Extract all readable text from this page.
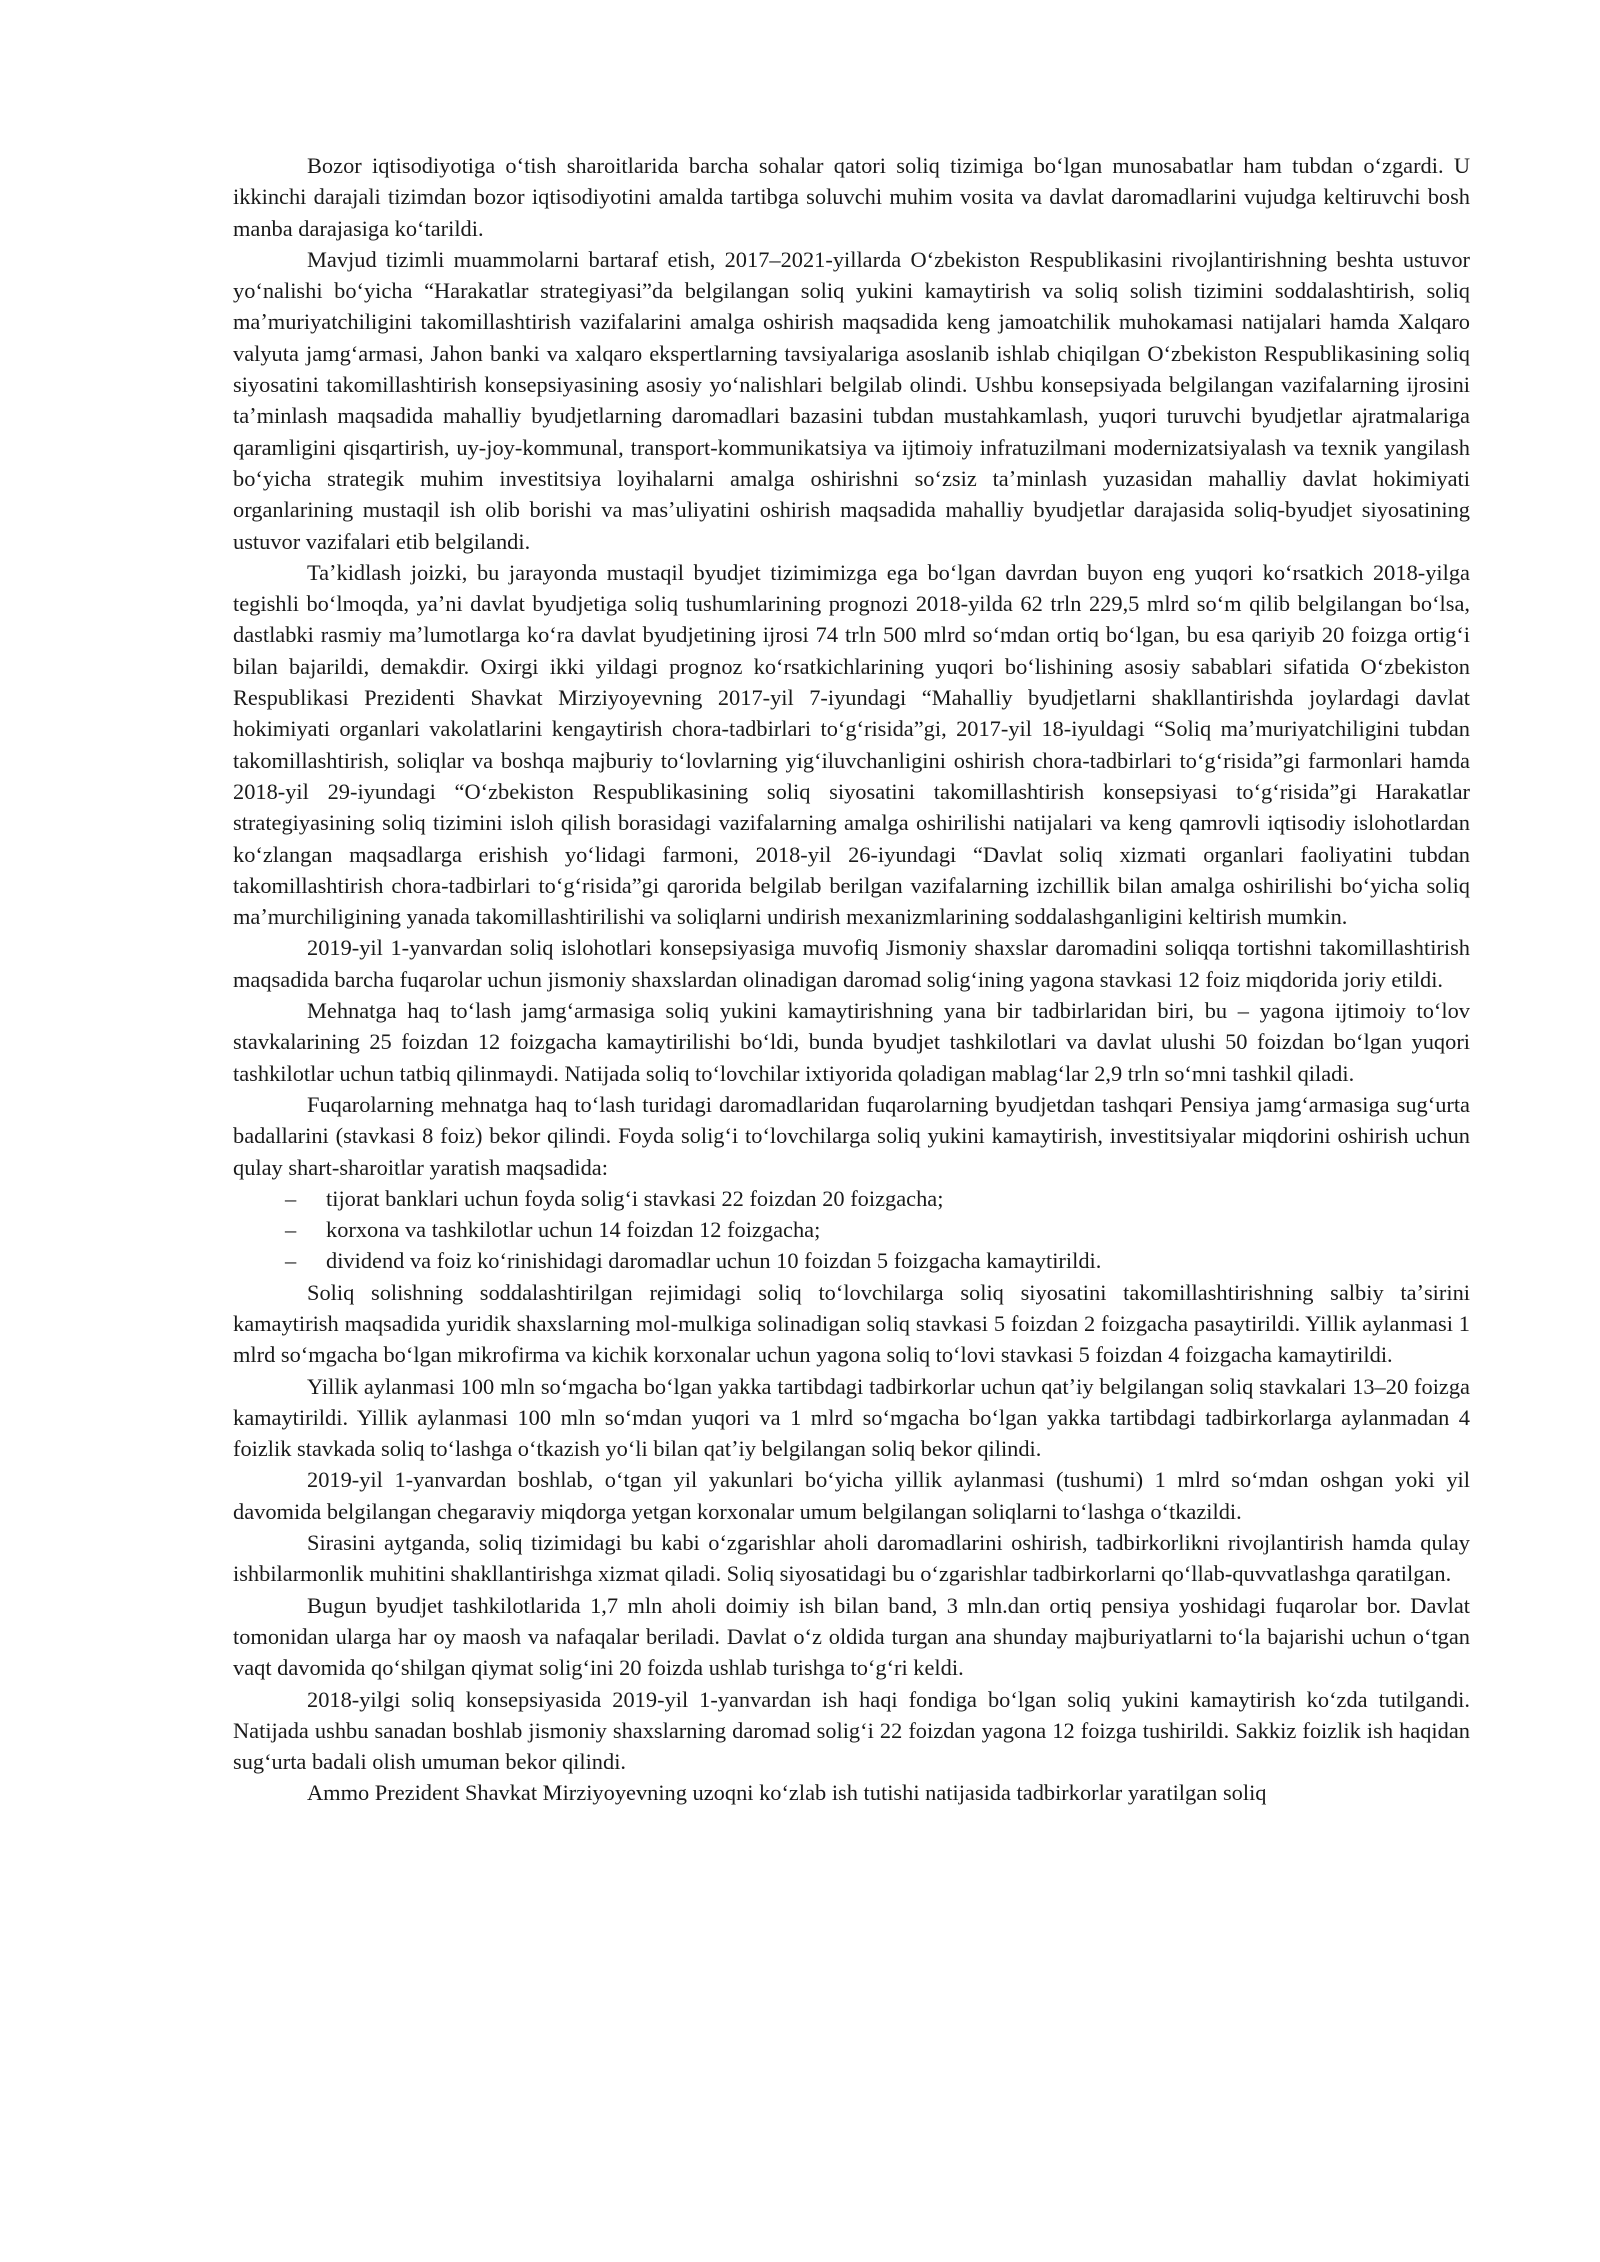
Bozor iqtisodiyotiga oʻtish sharoitlarida barcha sohalar qatori soliq tizimiga boʻlgan munosabatlar ham tubdan oʻzgardi. U ikkinchi darajali tizimdan bozor iqtisodiyotini amalda tartibga soluvchi muhim vosita va davlat daromadlarini vujudga keltiruvchi bosh manba darajasiga koʻtarildi.

Mavjud tizimli muammolarni bartaraf etish, 2017–2021-yillarda Oʻzbekiston Respublikasini rivojlantirishning beshta ustuvor yoʻnalishi boʻyicha “Harakatlar strategiyasi”da belgilangan soliq yukini kamaytirish va soliq solish tizimini soddalashtirish, soliq maʼmuriyatchiligini takomillashtirish vazifalarini amalga oshirish maqsadida keng jamoatchilik muhokamasi natijalari hamda Xalqaro valyuta jamgʻarmasi, Jahon banki va xalqaro ekspertlarning tavsiyalariga asoslanib ishlab chiqilgan Oʻzbekiston Respublikasining soliq siyosatini takomillashtirish konsepsiyasining asosiy yoʻnalishlari belgilab olindi. Ushbu konsepsiyada belgilangan vazifalarning ijrosini taʼminlash maqsadida mahalliy byudjetlarning daromadlari bazasini tubdan mustahkamlash, yuqori turuvchi byudjetlar ajratmalariga qaramligini qisqartirish, uy-joy-kommunal, transport-kommunikatsiya va ijtimoiy infratuzilmani modernizatsiyalash va texnik yangilash boʻyicha strategik muhim investitsiya loyihalarni amalga oshirishni soʻzsiz taʼminlash yuzasidan mahalliy davlat hokimiyati organlarining mustaqil ish olib borishi va masʼuliyatini oshirish maqsadida mahalliy byudjetlar darajasida soliq-byudjet siyosatining ustuvor vazifalari etib belgilandi.

Taʼkidlash joizki, bu jarayonda mustaqil byudjet tizimimizga ega boʻlgan davrdan buyon eng yuqori koʻrsatkich 2018-yilga tegishli boʻlmoqda, yaʼni davlat byudjetiga soliq tushumlarining prognozi 2018-yilda 62 trln 229,5 mlrd soʻm qilib belgilangan boʻlsa, dastlabki rasmiy maʼlumotlarga koʻra davlat byudjetining ijrosi 74 trln 500 mlrd soʻmdan ortiq boʻlgan, bu esa qariyib 20 foizga ortigʻi bilan bajarildi, demakdir. Oxirgi ikki yildagi prognoz koʻrsatkichlarining yuqori boʻlishining asosiy sabablari sifatida Oʻzbekiston Respublikasi Prezidenti Shavkat Mirziyoyevning 2017-yil 7-iyundagi “Mahalliy byudjetlarni shakllantirishda joylardagi davlat hokimiyati organlari vakolatlarini kengaytirish chora-tadbirlari toʻgʻrisida”gi, 2017-yil 18-iyuldagi “Soliq maʼmuriyatchiligini tubdan takomillashtirish, soliqlar va boshqa majburiy toʻlovlarning yigʻiluvchanligini oshirish chora-tadbirlari toʻgʻrisida”gi farmonlari hamda 2018-yil 29-iyundagi “Oʻzbekiston Respublikasining soliq siyosatini takomillashtirish konsepsiyasi toʻgʻrisida”gi Harakatlar strategiyasining soliq tizimini isloh qilish borasidagi vazifalarning amalga oshirilishi natijalari va keng qamrovli iqtisodiy islohotlardan koʻzlangan maqsadlarga erishish yoʻlidagi farmoni, 2018-yil 26-iyundagi “Davlat soliq xizmati organlari faoliyatini tubdan takomillashtirish chora-tadbirlari toʻgʻrisida”gi qarorida belgilab berilgan vazifalarning izchillik bilan amalga oshirilishi boʻyicha soliq maʼmurchiligining yanada takomillashtirilishi va soliqlarni undirish mexanizmlarining soddalashganligini keltirish mumkin.

2019-yil 1-yanvardan soliq islohotlari konsepsiyasiga muvofiq Jismoniy shaxslar daromadini soliqqa tortishni takomillashtirish maqsadida barcha fuqarolar uchun jismoniy shaxslardan olinadigan daromad soligʻining yagona stavkasi 12 foiz miqdorida joriy etildi.

Mehnatga haq toʻlash jamgʻarmasiga soliq yukini kamaytirishning yana bir tadbirlaridan biri, bu – yagona ijtimoiy toʻlov stavkalarining 25 foizdan 12 foizgacha kamaytirilishi boʻldi, bunda byudjet tashkilotlari va davlat ulushi 50 foizdan boʻlgan yuqori tashkilotlar uchun tatbiq qilinmaydi. Natijada soliq toʻlovchilar ixtiyorida qoladigan mablagʻlar 2,9 trln soʻmni tashkil qiladi.

Fuqarolarning mehnatga haq toʻlash turidagi daromadlaridan fuqarolarning byudjetdan tashqari Pensiya jamgʻarmasiga sugʻurta badallarini (stavkasi 8 foiz) bekor qilindi. Foyda soligʻi toʻlovchilarga soliq yukini kamaytirish, investitsiyalar miqdorini oshirish uchun qulay shart-sharoitlar yaratish maqsadida:

– tijorat banklari uchun foyda soligʻi stavkasi 22 foizdan 20 foizgacha;
– korxona va tashkilotlar uchun 14 foizdan 12 foizgacha;
– dividend va foiz koʻrinishidagi daromadlar uchun 10 foizdan 5 foizgacha kamaytirildi.

Soliq solishning soddalashtirilgan rejimidagi soliq toʻlovchilarga soliq siyosatini takomillashtirishning salbiy taʼsirini kamaytirish maqsadida yuridik shaxslarning mol-mulkiga solinadigan soliq stavkasi 5 foizdan 2 foizgacha pasaytirildi. Yillik aylanmasi 1 mlrd soʻmgacha boʻlgan mikrofirma va kichik korxonalar uchun yagona soliq toʻlovi stavkasi 5 foizdan 4 foizgacha kamaytirildi.

Yillik aylanmasi 100 mln soʻmgacha boʻlgan yakka tartibdagi tadbirkorlar uchun qatʼiy belgilangan soliq stavkalari 13–20 foizga kamaytirildi. Yillik aylanmasi 100 mln soʻmdan yuqori va 1 mlrd soʻmgacha boʻlgan yakka tartibdagi tadbirkorlarga aylanmadan 4 foizlik stavkada soliq toʻlashga oʻtkazish yoʻli bilan qatʼiy belgilangan soliq bekor qilindi.

2019-yil 1-yanvardan boshlab, oʻtgan yil yakunlari boʻyicha yillik aylanmasi (tushumi) 1 mlrd soʻmdan oshgan yoki yil davomida belgilangan chegaraviy miqdorga yetgan korxonalar umum belgilangan soliqlarni toʻlashga oʻtkazildi.

Sirasini aytganda, soliq tizimidagi bu kabi oʻzgarishlar aholi daromadlarini oshirish, tadbirkorlikni rivojlantirish hamda qulay ishbilarmonlik muhitini shakllantirishga xizmat qiladi. Soliq siyosatidagi bu oʻzgarishlar tadbirkorlarni qoʻllab-quvvatlashga qaratilgan.

Bugun byudjet tashkilotlarida 1,7 mln aholi doimiy ish bilan band, 3 mln.dan ortiq pensiya yoshidagi fuqarolar bor. Davlat tomonidan ularga har oy maosh va nafaqalar beriladi. Davlat oʻz oldida turgan ana shunday majburiyatlarni toʻla bajarishi uchun oʻtgan vaqt davomida qoʻshilgan qiymat soligʻini 20 foizda ushlab turishga toʻgʻri keldi.

2018-yilgi soliq konsepsiyasida 2019-yil 1-yanvardan ish haqi fondiga boʻlgan soliq yukini kamaytirish koʻzda tutilgandi. Natijada ushbu sanadan boshlab jismoniy shaxslarning daromad soligʻi 22 foizdan yagona 12 foizga tushirildi. Sakkiz foizlik ish haqidan sugʻurta badali olish umuman bekor qilindi.

Ammo Prezident Shavkat Mirziyoyevning uzoqni koʻzlab ish tutishi natijasida tadbirkorlar yaratilgan soliq
